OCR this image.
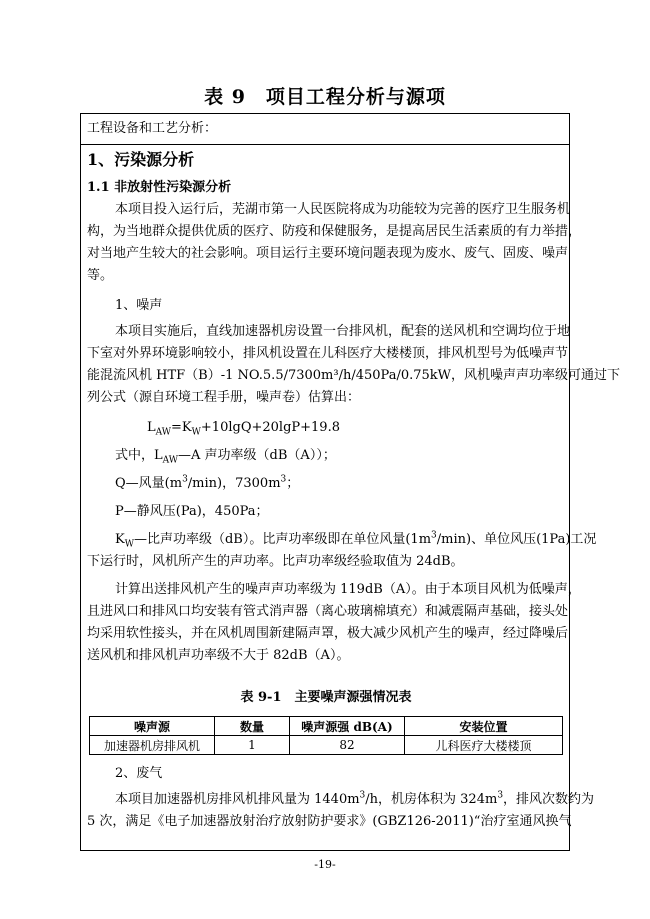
表 9　项目工程分析与源项
工程设备和工艺分析：
1、污染源分析
1.1 非放射性污染源分析
本项目投入运行后，芜湖市第一人民医院将成为功能较为完善的医疗卫生服务机
构，为当地群众提供优质的医疗、防疫和保健服务，是提高居民生活素质的有力举措，
对当地产生较大的社会影响。项目运行主要环境问题表现为废水、废气、固废、噪声
等。
1、噪声
本项目实施后，直线加速器机房设置一台排风机，配套的送风机和空调均位于地
下室对外界环境影响较小，排风机设置在儿科医疗大楼楼顶，排风机型号为低噪声节
能混流风机 HTF（B）-1 NO.5.5/7300m³/h/450Pa/0.75kW，风机噪声声功率级可通过下
列公式（源自环境工程手册，噪声卷）估算出：
$L_{AW}=K_W+10\lg Q+20\lg P+19.8$
式中，$L_{AW}—A$ 声功率级（dB（A））；
Q—风量$(m^3/\min)$，$7300m^3$；
P—静风压(Pa)，450Pa；
$K_W—$比声功率级（dB）。比声功率级即在单位风量$(1m^3/\min)$、单位风压(1Pa)工况
下运行时，风机所产生的声功率。比声功率级经验取值为 24dB。
计算出送排风机产生的噪声声功率级为 119dB（A）。由于本项目风机为低噪声，
且进风口和排风口均安装有管式消声器（离心玻璃棉填充）和减震隔声基础，接头处
均采用软性接头，并在风机周围新建隔声罩，极大减少风机产生的噪声，经过降噪后
送风机和排风机声功率级不大于 82dB（A）。
表 9-1　主要噪声源强情况表
噪声源	数量	噪声源强 dB(A)	安装位置
加速器机房排风机	1	82	儿科医疗大楼楼顶
2、废气
本项目加速器机房排风机排风量为 $1440m^3/h$，机房体积为 $324m^3$，排风次数约为
5 次，满足《电子加速器放射治疗放射防护要求》(GBZ126-2011)“治疗室通风换气
-19-
